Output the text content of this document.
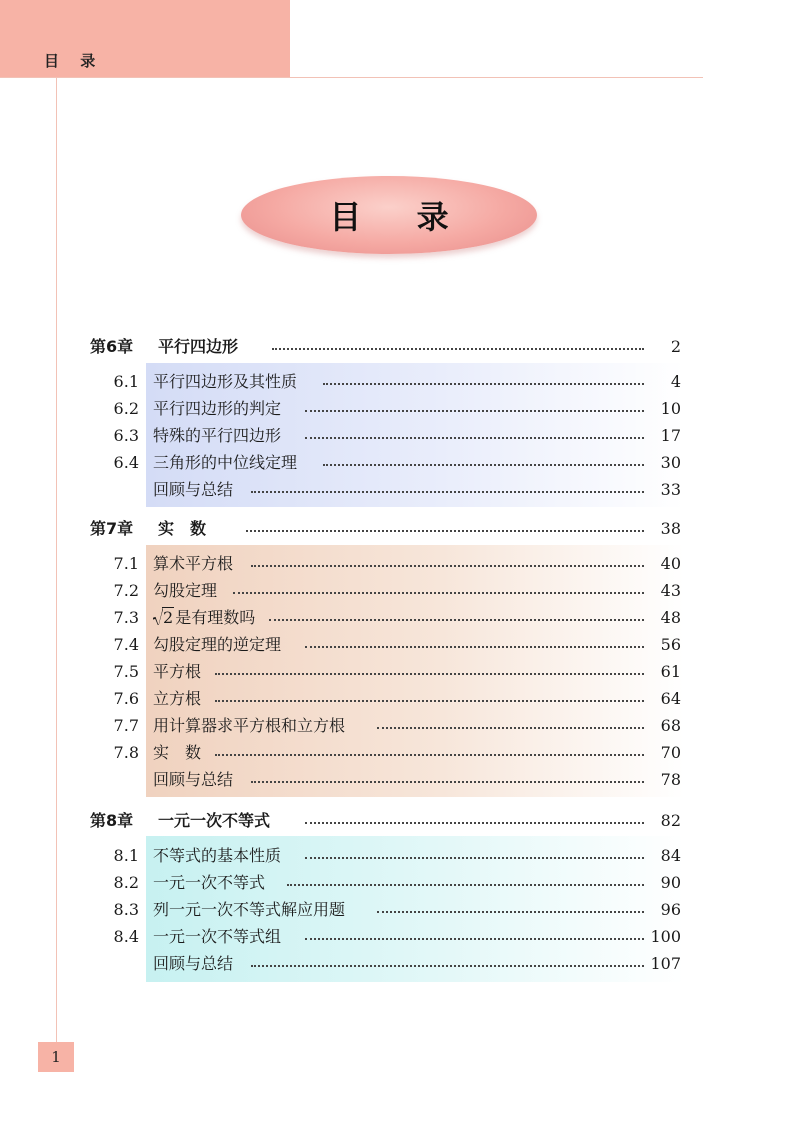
目 录
目 录
第6章 平行四边形	2
6.1 平行四边形及其性质	4
6.2 平行四边形的判定	10
6.3 特殊的平行四边形	17
6.4 三角形的中位线定理	30
回顾与总结	33
第7章 实　数	38
7.1 算术平方根	40
7.2 勾股定理	43
7.3	2 是有理数吗	48
7.4 勾股定理的逆定理	56
7.5 平方根	61
7.6 立方根	64
7.7 用计算器求平方根和立方根	68
7.8 实　数	70
回顾与总结	78
第8章 一元一次不等式	82
8.1 不等式的基本性质	84
8.2 一元一次不等式	90
8.3 列一元一次不等式解应用题	96
8.4 一元一次不等式组	100
回顾与总结	107
1
